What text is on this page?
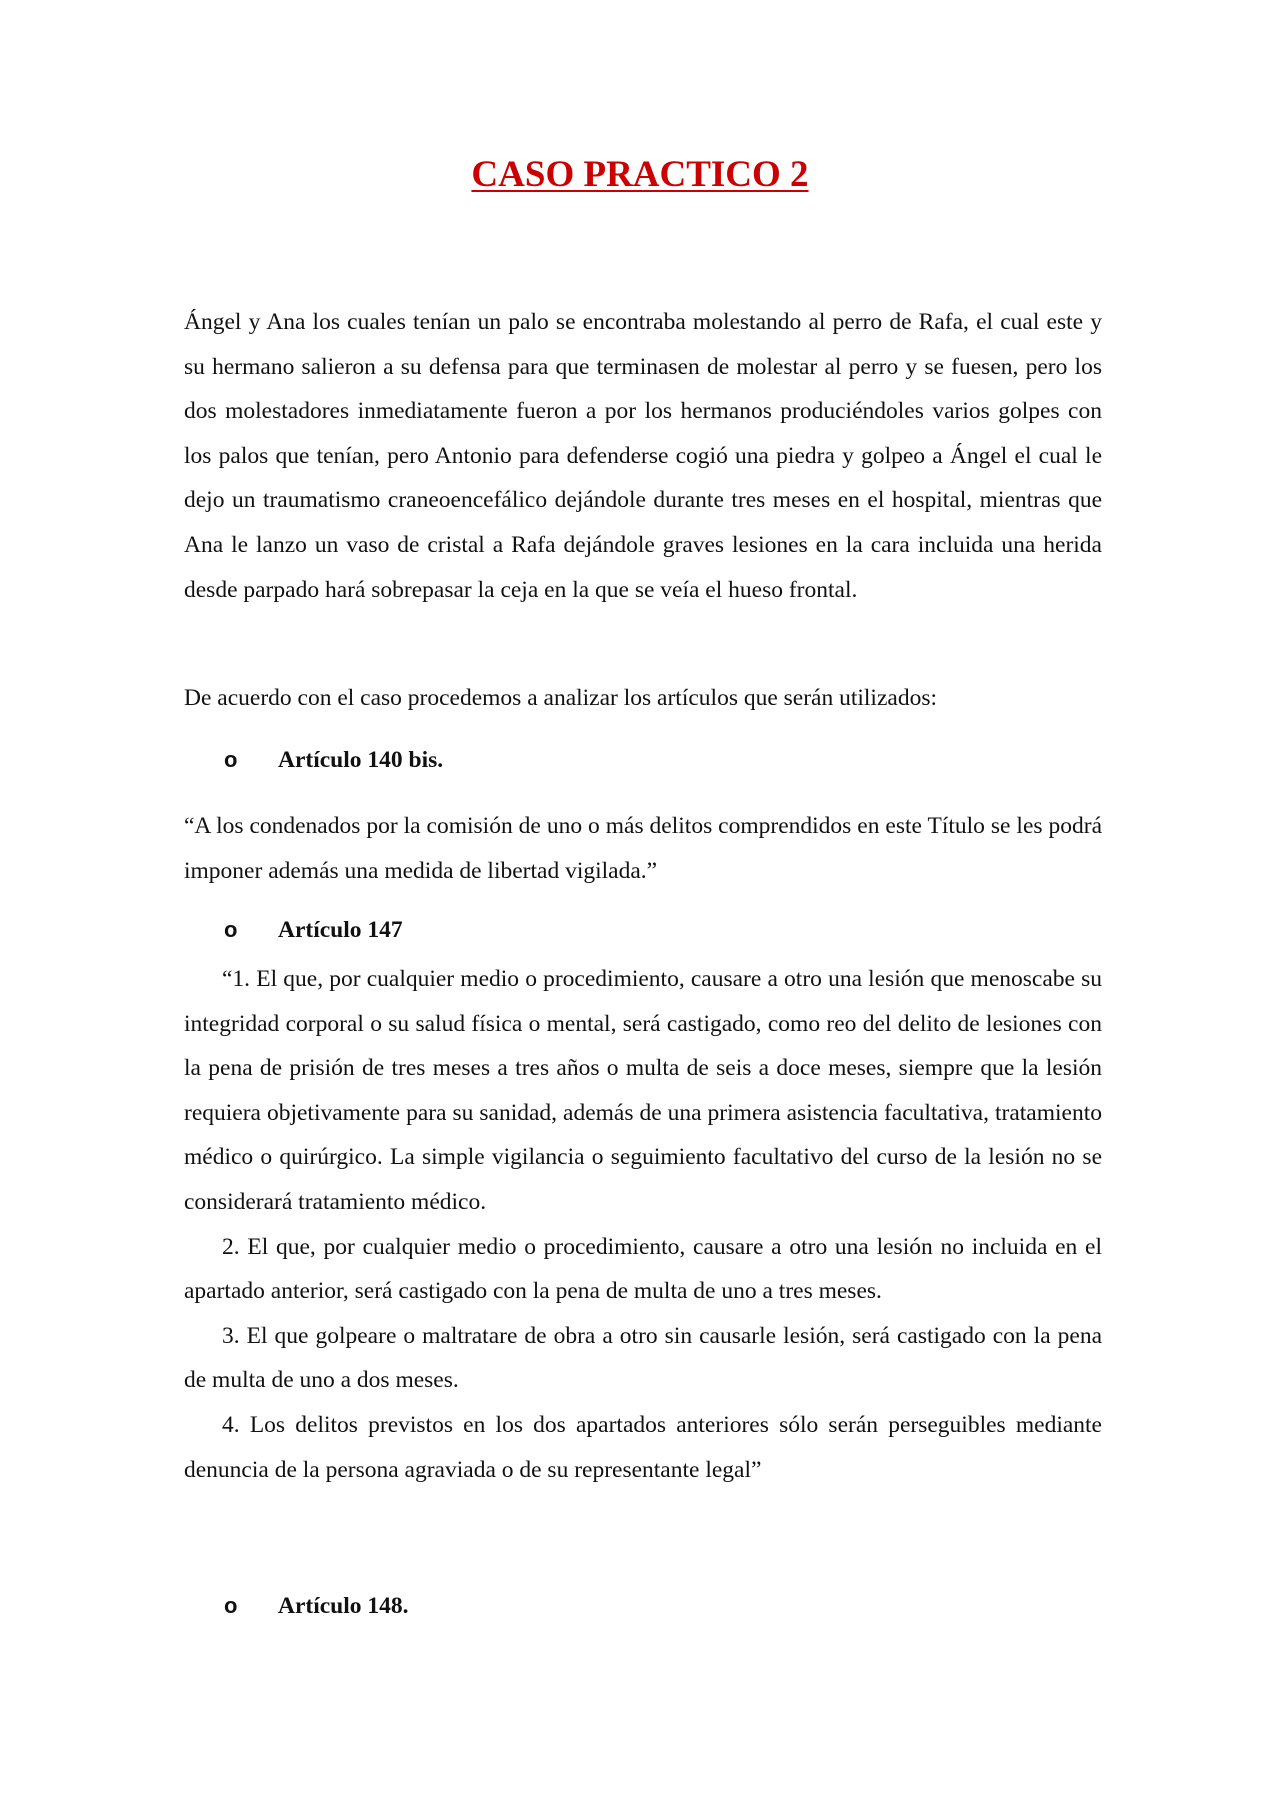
CASO PRACTICO 2

Ángel y Ana los cuales tenían un palo se encontraba molestando al perro de Rafa, el cual este y su hermano salieron a su defensa para que terminasen de molestar al perro y se fuesen, pero los dos molestadores inmediatamente fueron a por los hermanos produciéndoles varios golpes con los palos que tenían, pero Antonio para defenderse cogió una piedra y golpeo a Ángel el cual le dejo un traumatismo craneoencefálico dejándole durante tres meses en el hospital, mientras que Ana le lanzo un vaso de cristal a Rafa dejándole graves lesiones en la cara incluida una herida desde parpado hará sobrepasar la ceja en la que se veía el hueso frontal.

De acuerdo con el caso procedemos a analizar los artículos que serán utilizados:

o	Artículo 140 bis.

“A los condenados por la comisión de uno o más delitos comprendidos en este Título se les podrá imponer además una medida de libertad vigilada.”

o	Artículo 147

“1. El que, por cualquier medio o procedimiento, causare a otro una lesión que menoscabe su integridad corporal o su salud física o mental, será castigado, como reo del delito de lesiones con la pena de prisión de tres meses a tres años o multa de seis a doce meses, siempre que la lesión requiera objetivamente para su sanidad, además de una primera asistencia facultativa, tratamiento médico o quirúrgico. La simple vigilancia o seguimiento facultativo del curso de la lesión no se considerará tratamiento médico.

2. El que, por cualquier medio o procedimiento, causare a otro una lesión no incluida en el apartado anterior, será castigado con la pena de multa de uno a tres meses.

3. El que golpeare o maltratare de obra a otro sin causarle lesión, será castigado con la pena de multa de uno a dos meses.

4. Los delitos previstos en los dos apartados anteriores sólo serán perseguibles mediante denuncia de la persona agraviada o de su representante legal”

o	Artículo 148.
